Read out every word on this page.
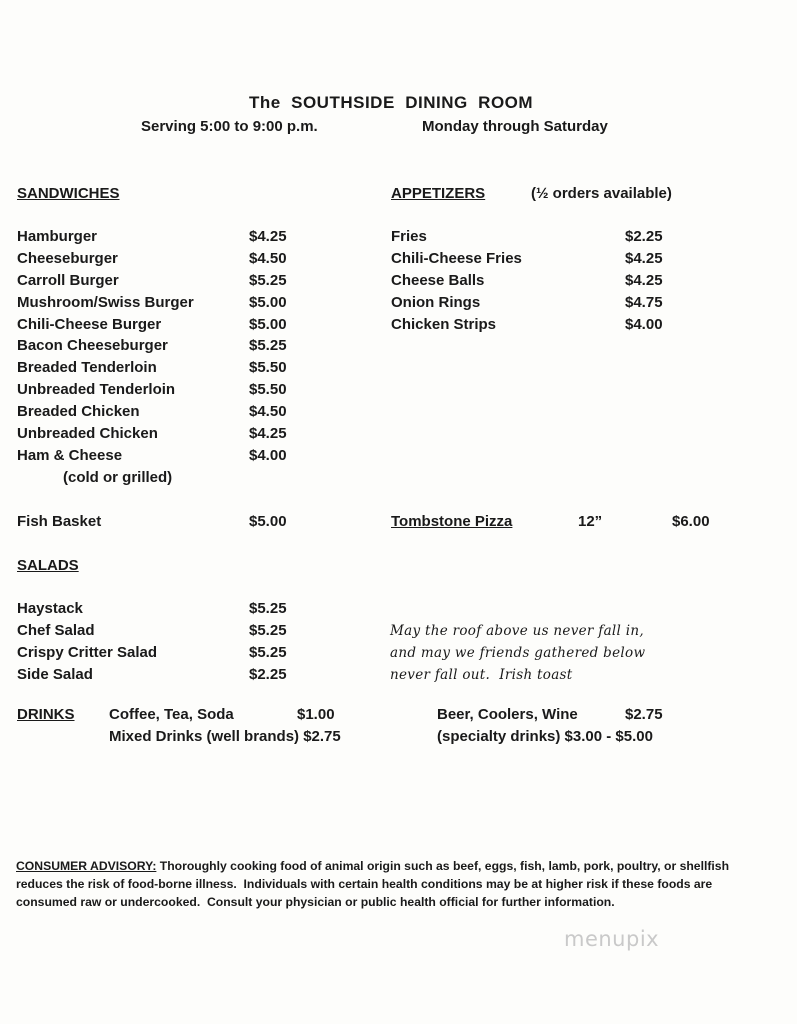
The  SOUTHSIDE  DINING  ROOM
Serving 5:00 to 9:00 p.m.	Monday through Saturday
SANDWICHES
Hamburger	$4.25
Cheeseburger	$4.50
Carroll Burger	$5.25
Mushroom/Swiss Burger	$5.00
Chili-Cheese Burger	$5.00
Bacon Cheeseburger	$5.25
Breaded Tenderloin	$5.50
Unbreaded Tenderloin	$5.50
Breaded Chicken	$4.50
Unbreaded Chicken	$4.25
Ham & Cheese	$4.00
(cold or grilled)
APPETIZERS	(½ orders available)
Fries	$2.25
Chili-Cheese Fries	$4.25
Cheese Balls	$4.25
Onion Rings	$4.75
Chicken Strips	$4.00
Fish Basket	$5.00	Tombstone Pizza	12”	$6.00
SALADS
Haystack	$5.25
Chef Salad	$5.25
Crispy Critter Salad	$5.25
Side Salad	$2.25
May the roof above us never fall in,
and may we friends gathered below
never fall out.  Irish toast
DRINKS Coffee, Tea, Soda	$1.00
Mixed Drinks (well brands) $2.75
Beer, Coolers, Wine	$2.75
(specialty drinks) $3.00 - $5.00
CONSUMER ADVISORY: Thoroughly cooking food of animal origin such as beef, eggs, fish, lamb, pork, poultry, or shellfish reduces the risk of food-borne illness.  Individuals with certain health conditions may be at higher risk if these foods are consumed raw or undercooked.  Consult your physician or public health official for further information.
menupix
